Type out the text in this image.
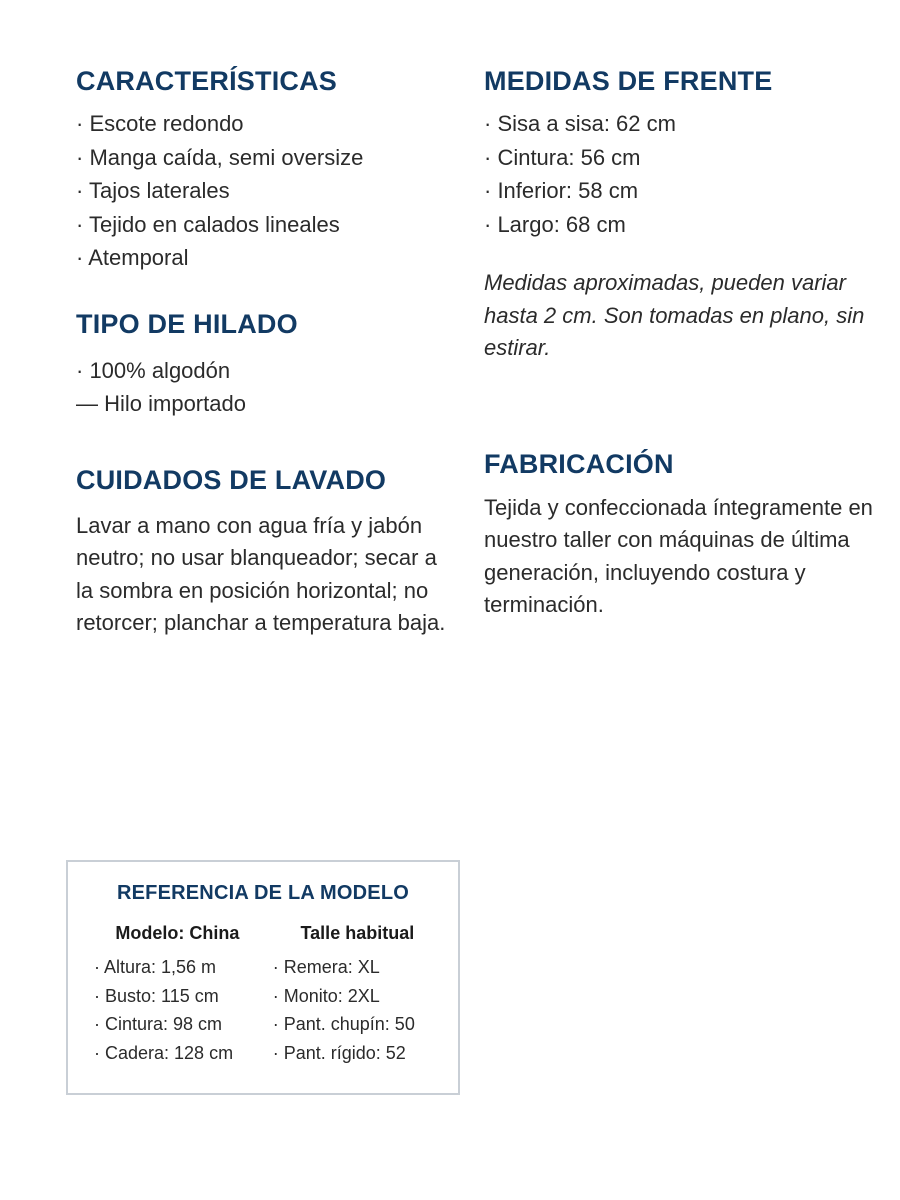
CARACTERÍSTICAS
· Escote redondo
· Manga caída, semi oversize
· Tajos laterales
· Tejido en calados lineales
· Atemporal
TIPO DE HILADO
· 100% algodón
— Hilo importado
CUIDADOS DE LAVADO

Lavar a mano con agua fría y jabón neutro; no usar blanqueador; secar a la sombra en posición horizontal; no retorcer; planchar a temperatura baja.

MEDIDAS DE FRENTE
· Sisa a sisa: 62 cm
· Cintura: 56 cm
· Inferior: 58 cm
· Largo: 68 cm

Medidas aproximadas, pueden variar hasta 2 cm. Son tomadas en plano, sin estirar.

FABRICACIÓN

Tejida y confeccionada íntegramente en nuestro taller con máquinas de última generación, incluyendo costura y terminación.

REFERENCIA DE LA MODELO
Modelo: China
· Altura: 1,56 m
· Busto: 115 cm
· Cintura: 98 cm
· Cadera: 128 cm
Talle habitual
· Remera: XL
· Monito: 2XL
· Pant. chupín: 50
· Pant. rígido: 52
